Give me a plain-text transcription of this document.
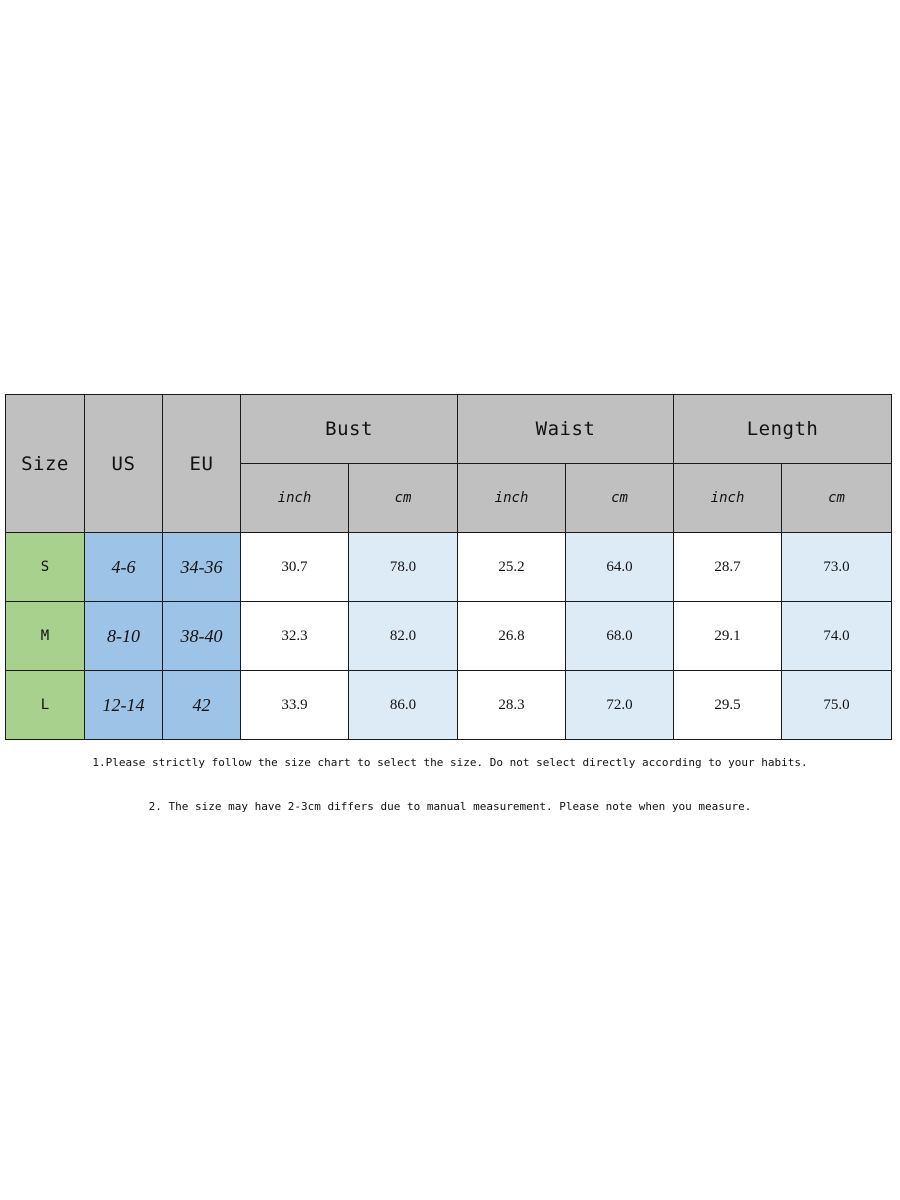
Size	US	EU	Bust		Waist		Length	
			inch	cm	inch	cm	inch	cm
S	4-6	34-36	30.7	78.0	25.2	64.0	28.7	73.0
M	8-10	38-40	32.3	82.0	26.8	68.0	29.1	74.0
L	12-14	42	33.9	86.0	28.3	72.0	29.5	75.0

1.Please strictly follow the size chart to select the size. Do not select directly according to your habits.

2. The size may have 2-3cm differs due to manual measurement. Please note when you measure.
